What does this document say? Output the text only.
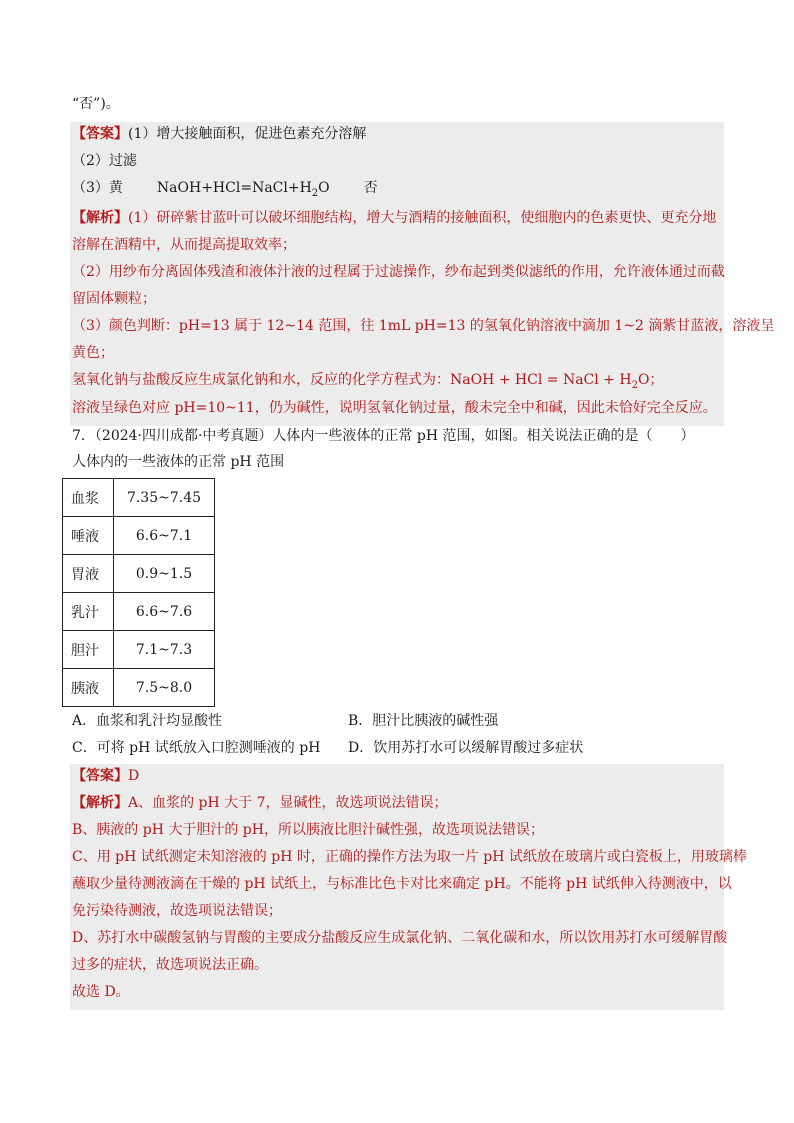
“否”)。
【答案】(1）增大接触面积，促进色素充分溶解
（2）过滤
（3）黄 $NaOH+HCl=NaCl+H_2O$ 否
【解析】(1）研碎紫甘蓝叶可以破坏细胞结构，增大与酒精的接触面积，使细胞内的色素更快、更充分地
溶解在酒精中，从而提高提取效率；
（2）用纱布分离固体残渣和液体汁液的过程属于过滤操作，纱布起到类似滤纸的作用，允许液体通过而截
留固体颗粒；
（3）颜色判断：pH=13 属于 12~14 范围，往 1mL pH=13 的氢氧化钠溶液中滴加 1~2 滴紫甘蓝液，溶液呈
黄色；
氢氧化钠与盐酸反应生成氯化钠和水，反应的化学方程式为：NaOH + HCl = NaCl + $H_2O$；
溶液呈绿色对应 pH=10~11，仍为碱性，说明氢氧化钠过量，酸未完全中和碱，因此未恰好完全反应。
7．（2024·四川成都·中考真题）人体内一些液体的正常 pH 范围，如图。相关说法正确的是（　　）
人体内的一些液体的正常 pH 范围
血浆	7.35~7.45
唾液	6.6~7.1
胃液	0.9~1.5
乳汁	6.6~7.6
胆汁	7.1~7.3
胰液	7.5~8.0
A．血浆和乳汁均显酸性	B．胆汁比胰液的碱性强
C．可将 pH 试纸放入口腔测唾液的 pH D．饮用苏打水可以缓解胃酸过多症状
【答案】D
【解析】A、血浆的 pH 大于 7，显碱性，故选项说法错误；
B、胰液的 pH 大于胆汁的 pH，所以胰液比胆汁碱性强，故选项说法错误；
C、用 pH 试纸测定未知溶液的 pH 时，正确的操作方法为取一片 pH 试纸放在玻璃片或白瓷板上，用玻璃棒
蘸取少量待测液滴在干燥的 pH 试纸上，与标准比色卡对比来确定 pH。不能将 pH 试纸伸入待测液中，以
免污染待测液，故选项说法错误；
D、苏打水中碳酸氢钠与胃酸的主要成分盐酸反应生成氯化钠、二氧化碳和水，所以饮用苏打水可缓解胃酸
过多的症状，故选项说法正确。
故选 D。
